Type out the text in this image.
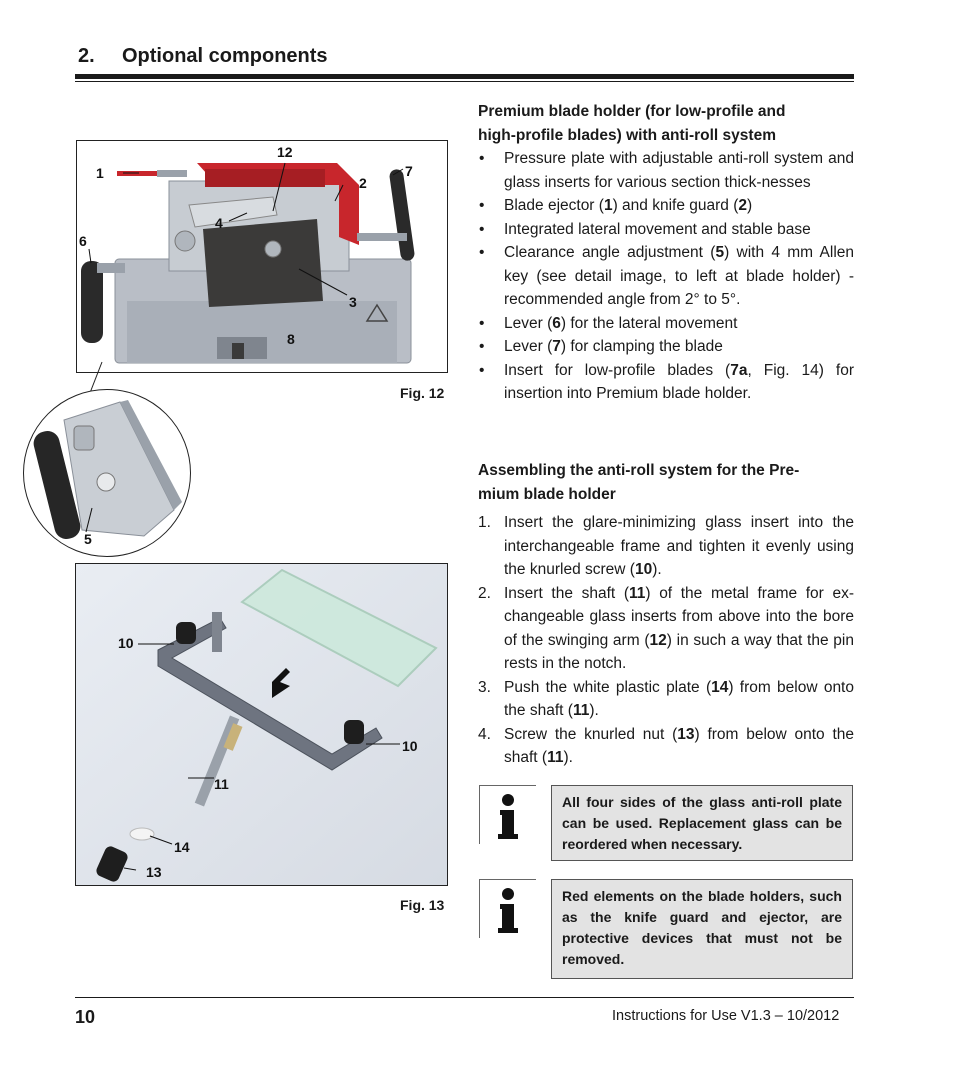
2. Optional components
1
12
7
2
4
6
3
8
5
Fig. 12
10
10
11
14
13
Fig. 13
Premium blade holder (for low-profile and
high-profile blades) with anti-roll system
• Pressure plate with adjustable anti-roll system and glass inserts for various section thick-nesses
• Blade ejector (1) and knife guard (2)
• Integrated lateral movement and stable base
• Clearance angle adjustment (5) with 4 mm Allen key (see detail image, to left at blade holder) - recommended angle from 2° to 5°.
• Lever (6) for the lateral movement
• Lever (7) for clamping the blade
• Insert for low-profile blades (7a, Fig. 14) for insertion into Premium blade holder.
Assembling the anti-roll system for the Pre-
mium blade holder
1. Insert the glare-minimizing glass insert into the interchangeable frame and tighten it evenly using the knurled screw (10).
2. Insert the shaft (11) of the metal frame for ex-changeable glass inserts from above into the bore of the swinging arm (12) in such a way that the pin rests in the notch.
3. Push the white plastic plate (14) from below onto the shaft (11).
4. Screw the knurled nut (13) from below onto the shaft (11).
All four sides of the glass anti-roll plate can be used. Replacement glass can be reordered when necessary.
Red elements on the blade holders, such as the knife guard and ejector, are protective devices that must not be removed.
10	Instructions for Use V1.3 – 10/2012
